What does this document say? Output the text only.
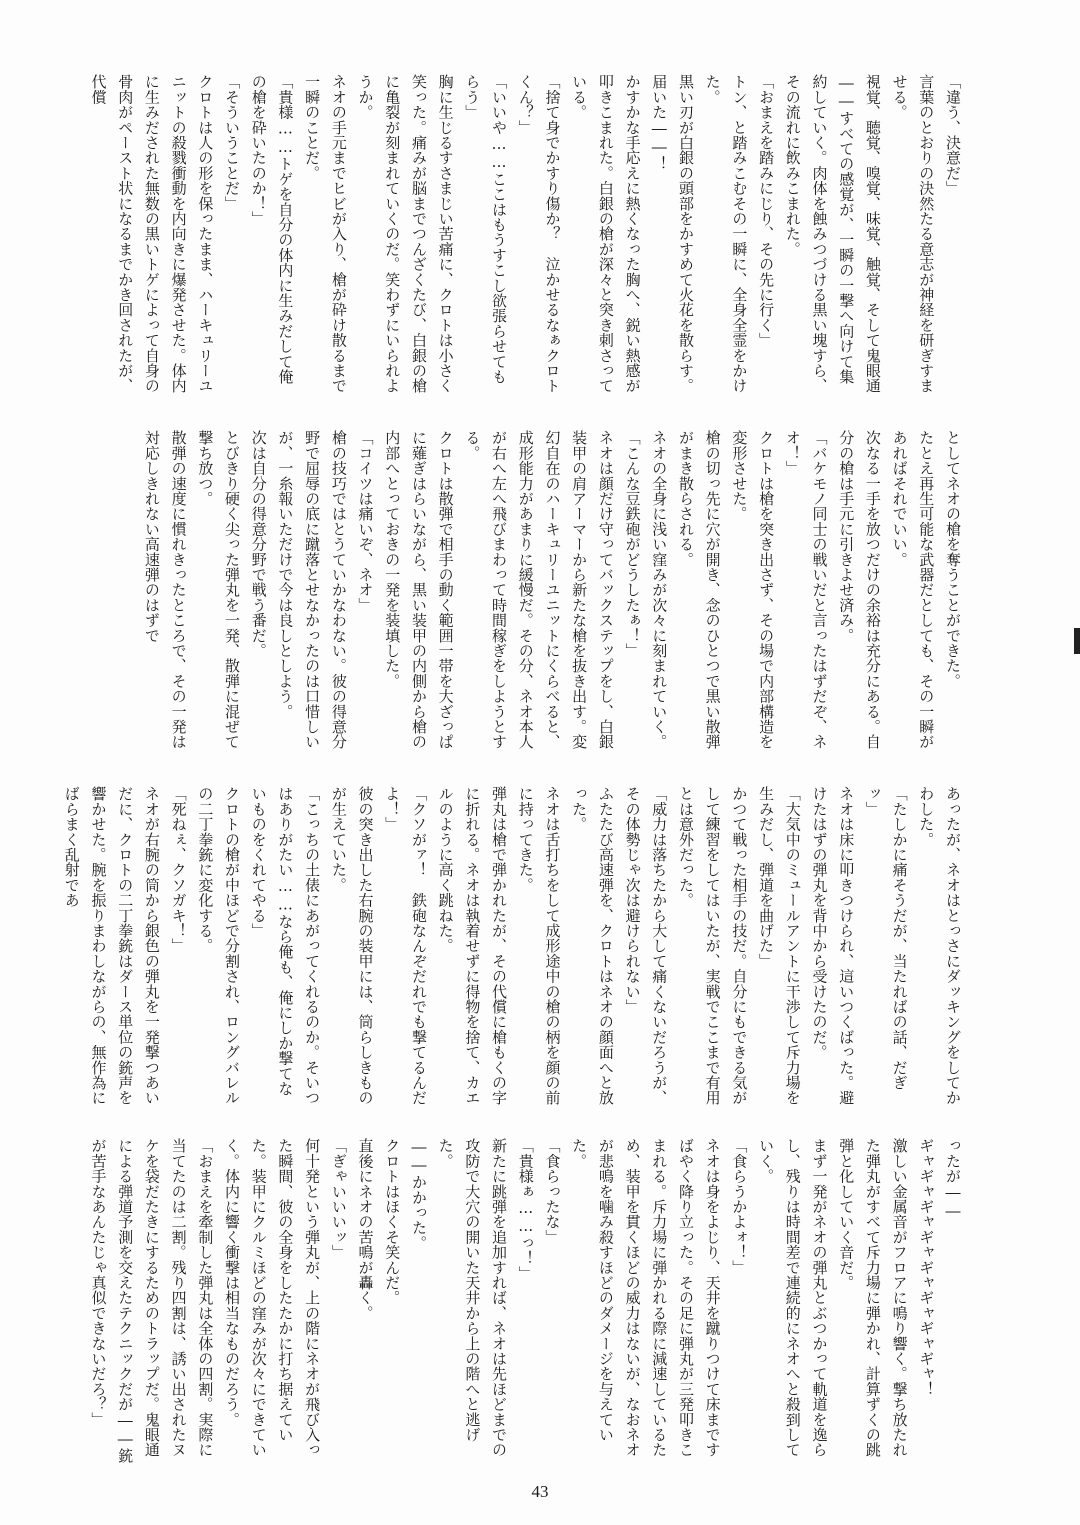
「違う、決意だ」

言葉のとおりの決然たる意志が神経を研ぎすませる。

視覚、聴覚、嗅覚、味覚、触覚、そして鬼眼通――すべての感覚が、一瞬の一撃へ向けて集約していく。肉体を蝕みつづける黒い塊すら、その流れに飲みこまれた。

「おまえを踏みにじり、その先に行く」

トン、と踏みこむその一瞬に、全身全霊をかけた。

黒い刃が白銀の頭部をかすめて火花を散らす。

届いた――！

かすかな手応えに熱くなった胸へ、鋭い熱感が叩きこまれた。白銀の槍が深々と突き刺さっている。

「捨て身でかすり傷か？　泣かせるなぁクロトくん？」

「いいや……ここはもうすこし欲張らせてもらう」

胸に生じるすさまじい苦痛に、クロトは小さく笑った。痛みが脳までつんざくたび、白銀の槍に亀裂が刻まれていくのだ。笑わずにいられようか。

ネオの手元までヒビが入り、槍が砕け散るまで一瞬のことだ。

「貴様……トゲを自分の体内に生みだして俺の槍を砕いたのか！」

「そういうことだ」

クロトは人の形を保ったまま、ハーキュリーユニットの殺戮衝動を内向きに爆発させた。体内に生みだされた無数の黒いトゲによって自身の骨肉がペースト状になるまでかき回されたが、代償

としてネオの槍を奪うことができた。

たとえ再生可能な武器だとしても、その一瞬があればそれでいい。

次なる一手を放つだけの余裕は充分にある。自分の槍は手元に引きよせ済み。

「バケモノ同士の戦いだと言ったはずだぞ、ネオ！」

クロトは槍を突き出さず、その場で内部構造を変形させた。

槍の切っ先に穴が開き、念のひとつで黒い散弾がまき散らされる。

ネオの全身に浅い窪みが次々に刻まれていく。

「こんな豆鉄砲がどうしたぁ！」

ネオは顔だけ守ってバックステップをし、白銀装甲の肩アーマーから新たな槍を抜き出す。変幻自在のハーキュリーユニットにくらべると、成形能力があまりに緩慢だ。その分、ネオ本人が右へ左へ飛びまわって時間稼ぎをしようとする。

クロトは散弾で相手の動く範囲一帯を大ざっぱに薙ぎはらいながら、黒い装甲の内側から槍の内部へとっておきの一発を装填した。

「コイツは痛いぞ、ネオ」

槍の技巧ではとうていかなわない。彼の得意分野で屈辱の底に蹴落とせなかったのは口惜しいが、一糸報いただけで今は良しとしよう。

次は自分の得意分野で戦う番だ。

とびきり硬く尖った弾丸を一発、散弾に混ぜて撃ち放つ。

散弾の速度に慣れきったところで、その一発は対応しきれない高速弾のはずで

あったが、ネオはとっさにダッキングをしてかわした。

「たしかに痛そうだが、当たればの話、だぎッ」

ネオは床に叩きつけられ、這いつくばった。避けたはずの弾丸を背中から受けたのだ。

「大気中のミュールアントに干渉して斥力場を生みだし、弾道を曲げた」

かつて戦った相手の技だ。自分にもできる気がして練習をしてはいたが、実戦でここまで有用とは意外だった。

「威力は落ちたから大して痛くないだろうが、その体勢じゃ次は避けられない」

ふたたび高速弾を、クロトはネオの顔面へと放った。

ネオは舌打ちをして成形途中の槍の柄を顔の前に持ってきた。

弾丸は槍で弾かれたが、その代償に槍もくの字に折れる。ネオは執着せずに得物を捨て、カエルのように高く跳ねた。

「クソがァ！　鉄砲なんぞだれでも撃てるんだよ！」

彼の突き出した右腕の装甲には、筒らしきものが生えていた。

「こっちの土俵にあがってくれるのか。そいつはありがたい……なら俺も、俺にしか撃てないものをくれてやる」

クロトの槍が中ほどで分割され、ロングバレルの二丁拳銃に変化する。

「死ねぇ、クソガキ！」

ネオが右腕の筒から銀色の弾丸を一発撃つあいだに、クロトの二丁拳銃はダース単位の銃声を響かせた。腕を振りまわしながらの、無作為にばらまく乱射であ

ったが――

ギャギャギャギャギャギャギャギャ！

激しい金属音がフロアに鳴り響く。撃ち放たれた弾丸がすべて斥力場に弾かれ、計算ずくの跳弾と化していく音だ。

まず一発がネオの弾丸とぶつかって軌道を逸らし、残りは時間差で連続的にネオへと殺到していく。

「食らうかよォ！」

ネオは身をよじり、天井を蹴りつけて床まですばやく降り立った。その足に弾丸が三発叩きこまれる。斥力場に弾かれる際に減速しているため、装甲を貫くほどの威力はないが、なおネオが悲鳴を噛み殺すほどのダメージを与えていた。

「食らったな」

「貴様ぁ……っ！」

新たに跳弾を追加すれば、ネオは先ほどまでの攻防で大穴の開いた天井から上の階へと逃げた。

――かかった。

クロトはほくそ笑んだ。

直後にネオの苦鳴が轟く。

「ぎゃいいいッ」

何十発という弾丸が、上の階にネオが飛び入った瞬間、彼の全身をしたたかに打ち据えていた。装甲にクルミほどの窪みが次々にできていく。体内に響く衝撃は相当なものだろう。

「おまえを牽制した弾丸は全体の四割。実際に当てたのは二割。残り四割は、誘い出されたヌケを袋だたきにするためのトラップだ。鬼眼通による弾道予測を交えたテクニックだが――銃が苦手なあんたじゃ真似できないだろ？」

43
